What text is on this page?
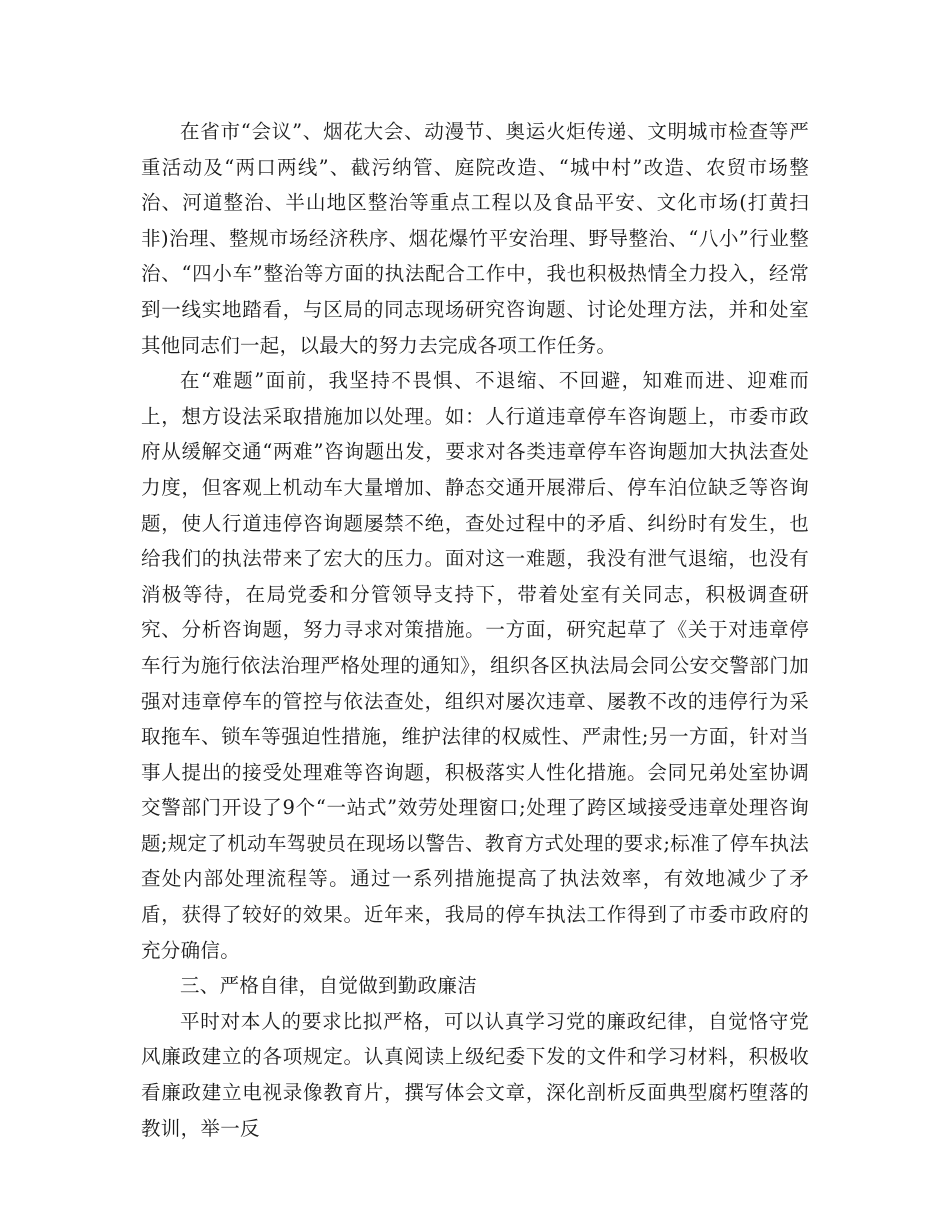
在省市“会议”、烟花大会、动漫节、奥运火炬传递、文明城市检查等严重活动及“两口两线”、截污纳管、庭院改造、“城中村”改造、农贸市场整治、河道整治、半山地区整治等重点工程以及食品平安、文化市场(打黄扫非)治理、整规市场经济秩序、烟花爆竹平安治理、野导整治、“八小”行业整治、“四小车”整治等方面的执法配合工作中，我也积极热情全力投入，经常到一线实地踏看，与区局的同志现场研究咨询题、讨论处理方法，并和处室其他同志们一起，以最大的努力去完成各项工作任务。

在“难题”面前，我坚持不畏惧、不退缩、不回避，知难而进、迎难而上，想方设法采取措施加以处理。如：人行道违章停车咨询题上，市委市政府从缓解交通“两难”咨询题出发，要求对各类违章停车咨询题加大执法查处力度，但客观上机动车大量增加、静态交通开展滞后、停车泊位缺乏等咨询题，使人行道违停咨询题屡禁不绝，查处过程中的矛盾、纠纷时有发生，也给我们的执法带来了宏大的压力。面对这一难题，我没有泄气退缩，也没有消极等待，在局党委和分管领导支持下，带着处室有关同志，积极调查研究、分析咨询题，努力寻求对策措施。一方面，研究起草了《关于对违章停车行为施行依法治理严格处理的通知》，组织各区执法局会同公安交警部门加强对违章停车的管控与依法查处，组织对屡次违章、屡教不改的违停行为采取拖车、锁车等强迫性措施，维护法律的权威性、严肃性;另一方面，针对当事人提出的接受处理难等咨询题，积极落实人性化措施。会同兄弟处室协调交警部门开设了9个“一站式”效劳处理窗口;处理了跨区域接受违章处理咨询题;规定了机动车驾驶员在现场以警告、教育方式处理的要求;标准了停车执法查处内部处理流程等。通过一系列措施提高了执法效率，有效地减少了矛盾，获得了较好的效果。近年来，我局的停车执法工作得到了市委市政府的充分确信。

三、严格自律，自觉做到勤政廉洁

平时对本人的要求比拟严格，可以认真学习党的廉政纪律，自觉恪守党风廉政建立的各项规定。认真阅读上级纪委下发的文件和学习材料，积极收看廉政建立电视录像教育片，撰写体会文章，深化剖析反面典型腐朽堕落的教训，举一反
